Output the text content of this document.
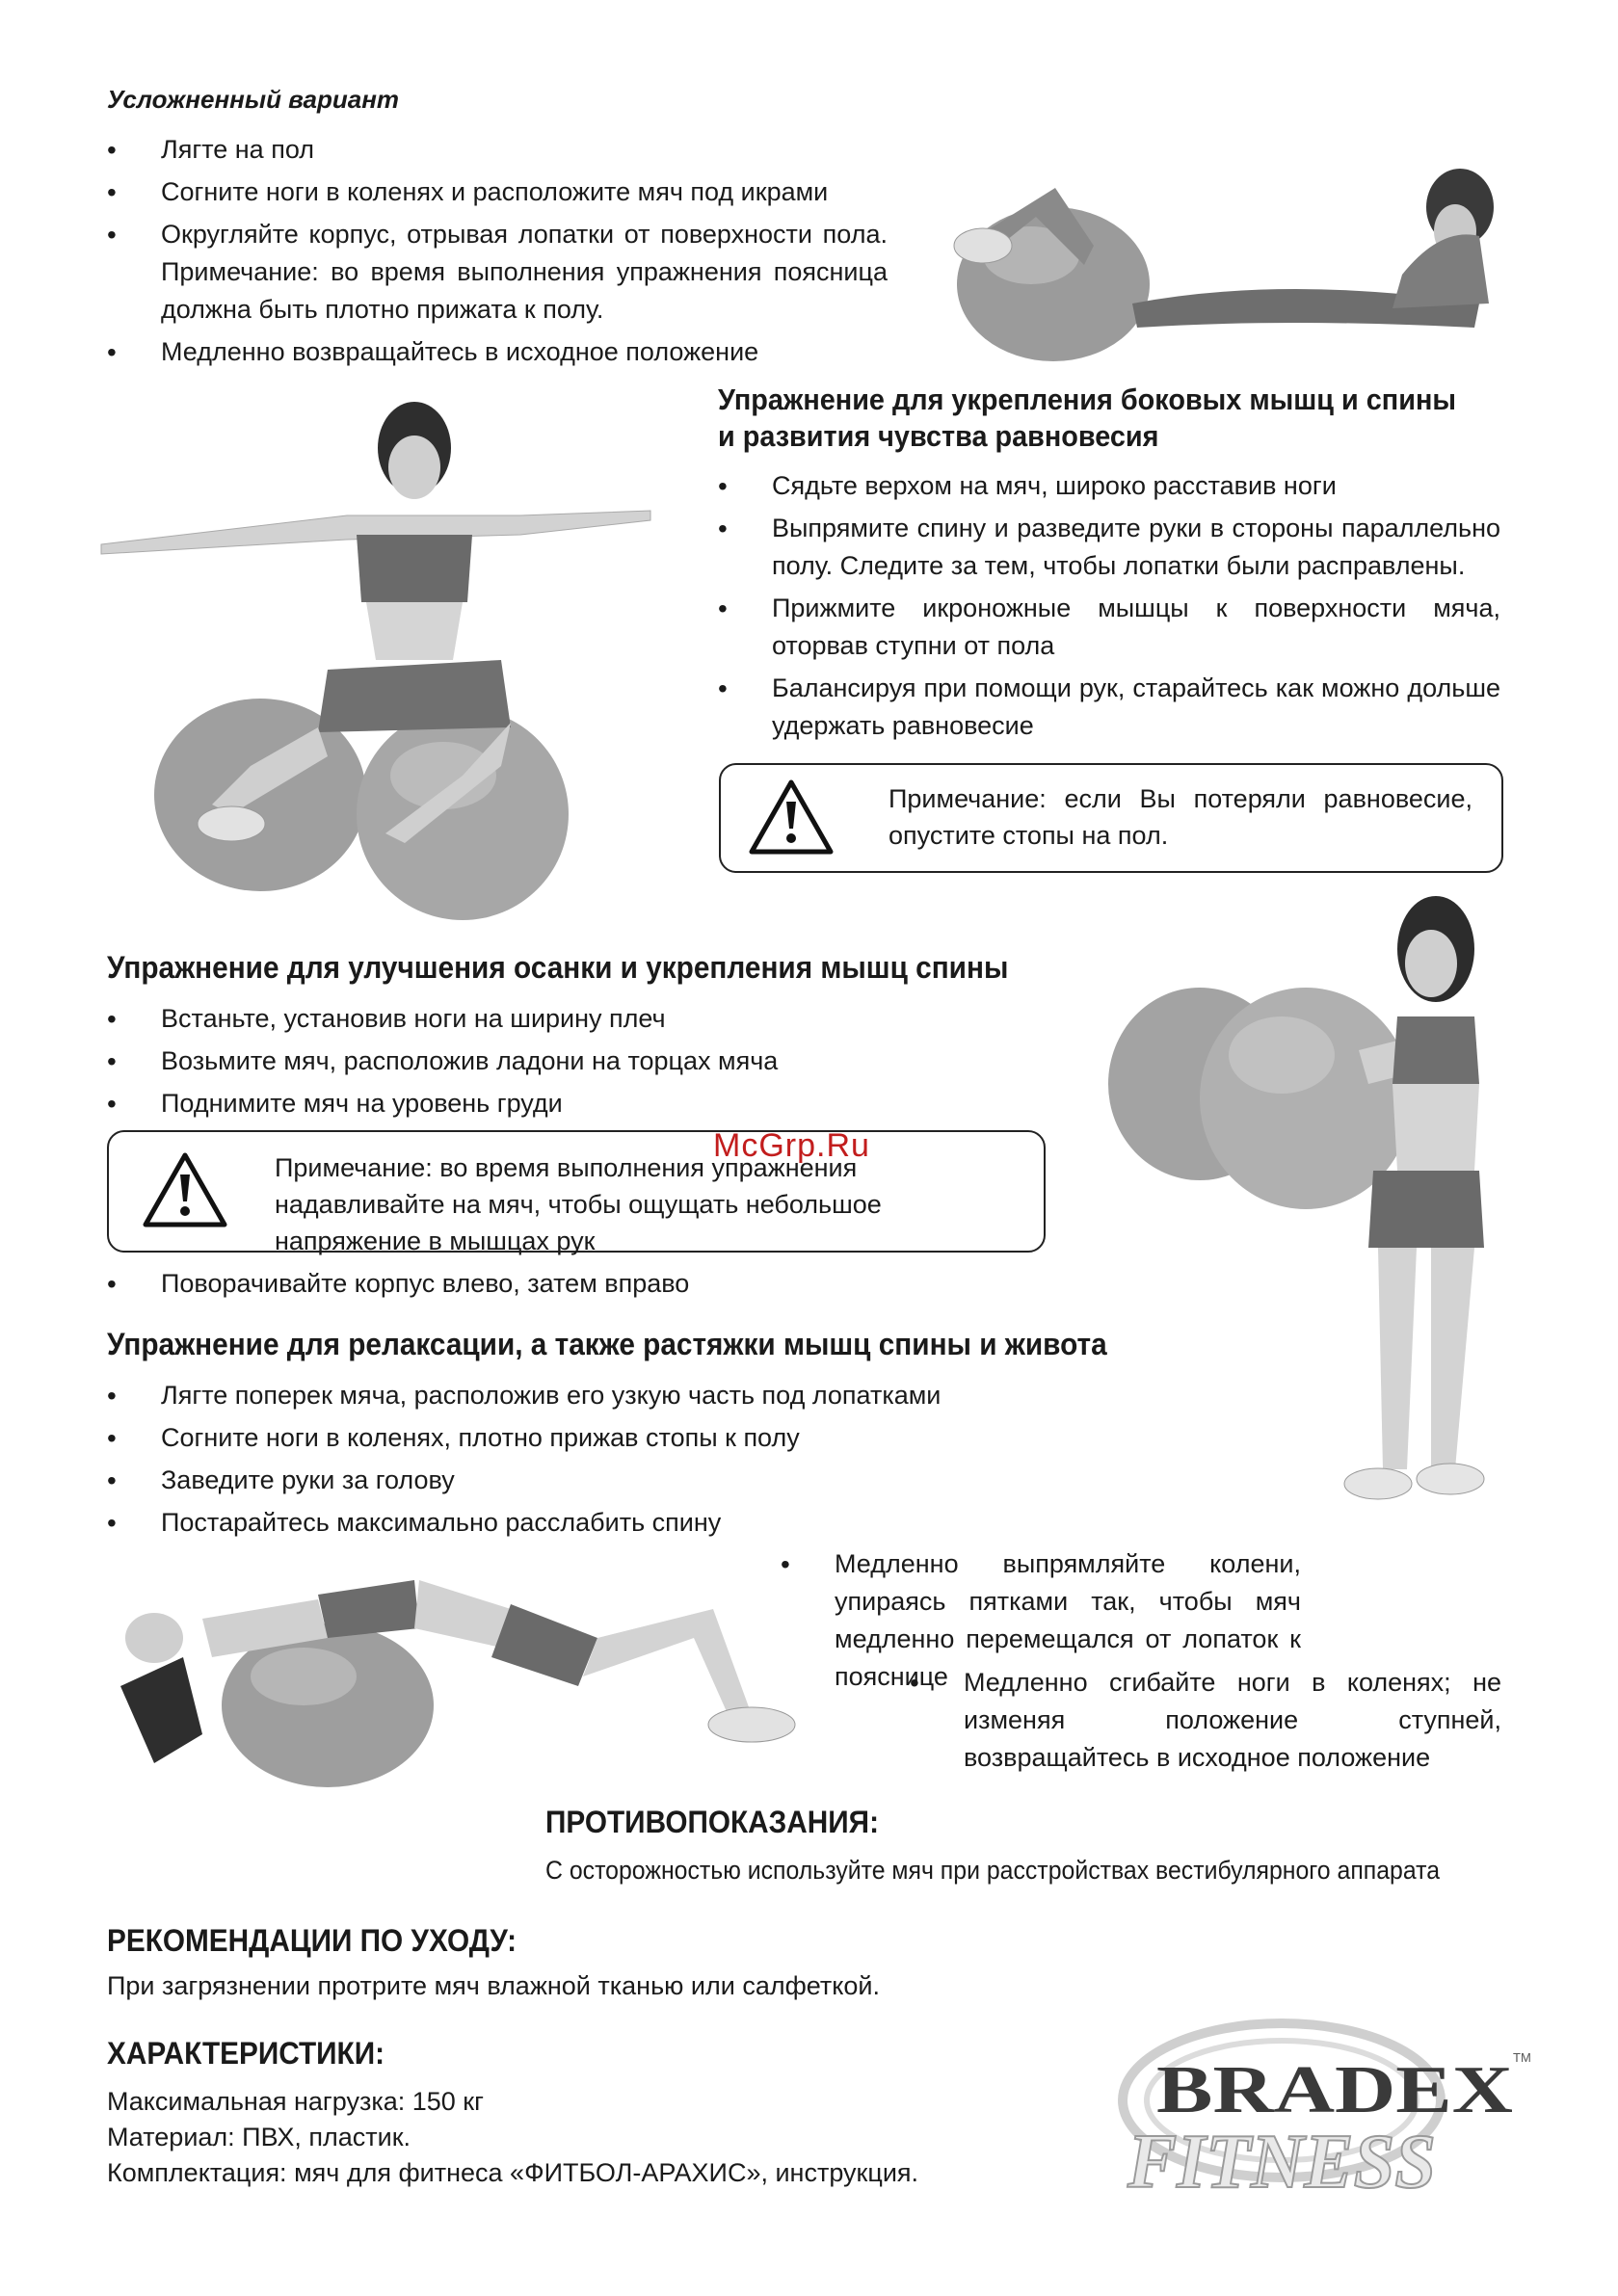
Усложненный вариант
• Лягте на пол
• Согните ноги в коленях и расположите мяч под икрами
• Округляйте корпус, отрывая лопатки от поверхности пола. Примечание: во время выполнения упражнения поясница должна быть плотно прижата к полу.
• Медленно возвращайтесь в исходное положение
Упражнение для укрепления боковых мышц и спины
и развития чувства равновесия
• Сядьте верхом на мяч, широко расставив ноги
• Выпрямите спину и разведите руки в стороны параллельно полу. Следите за тем, чтобы лопатки были расправлены.
• Прижмите икроножные мышцы к поверхности мяча, оторвав ступни от пола
• Балансируя при помощи рук, старайтесь как можно дольше удержать равновесие
Примечание: если Вы потеряли равновесие, опустите стопы на пол.
Упражнение для улучшения осанки и укрепления мышц спины
• Встаньте, установив ноги на ширину плеч
• Возьмите мяч, расположив ладони на торцах мяча
• Поднимите мяч на уровень груди
Примечание: во время выполнения упражнения надавливайте на мяч, чтобы ощущать небольшое напряжение в мышцах рук
• Поворачивайте корпус влево, затем вправо
Упражнение для релаксации, а также растяжки мышц спины и живота
• Лягте поперек мяча, расположив его узкую часть под лопатками
• Согните ноги в коленях, плотно прижав стопы к полу
• Заведите руки за голову
• Постарайтесь максимально расслабить спину
• Медленно выпрямляйте колени, упираясь пятками так, чтобы мяч медленно перемещался от лопаток к пояснице
• Медленно сгибайте ноги в коленях; не изменяя положение ступней, возвращайтесь в исходное положение
ПРОТИВОПОКАЗАНИЯ:
С осторожностью используйте мяч при расстройствах вестибулярного аппарата
РЕКОМЕНДАЦИИ ПО УХОДУ:
При загрязнении протрите мяч влажной тканью или салфеткой.
ХАРАКТЕРИСТИКИ:
Максимальная нагрузка: 150 кг
Материал: ПВХ, пластик.
Комплектация: мяч для фитнеса «ФИТБОЛ-АРАХИС», инструкция.
BRADEX TM
FITNESS
McGrp.Ru
